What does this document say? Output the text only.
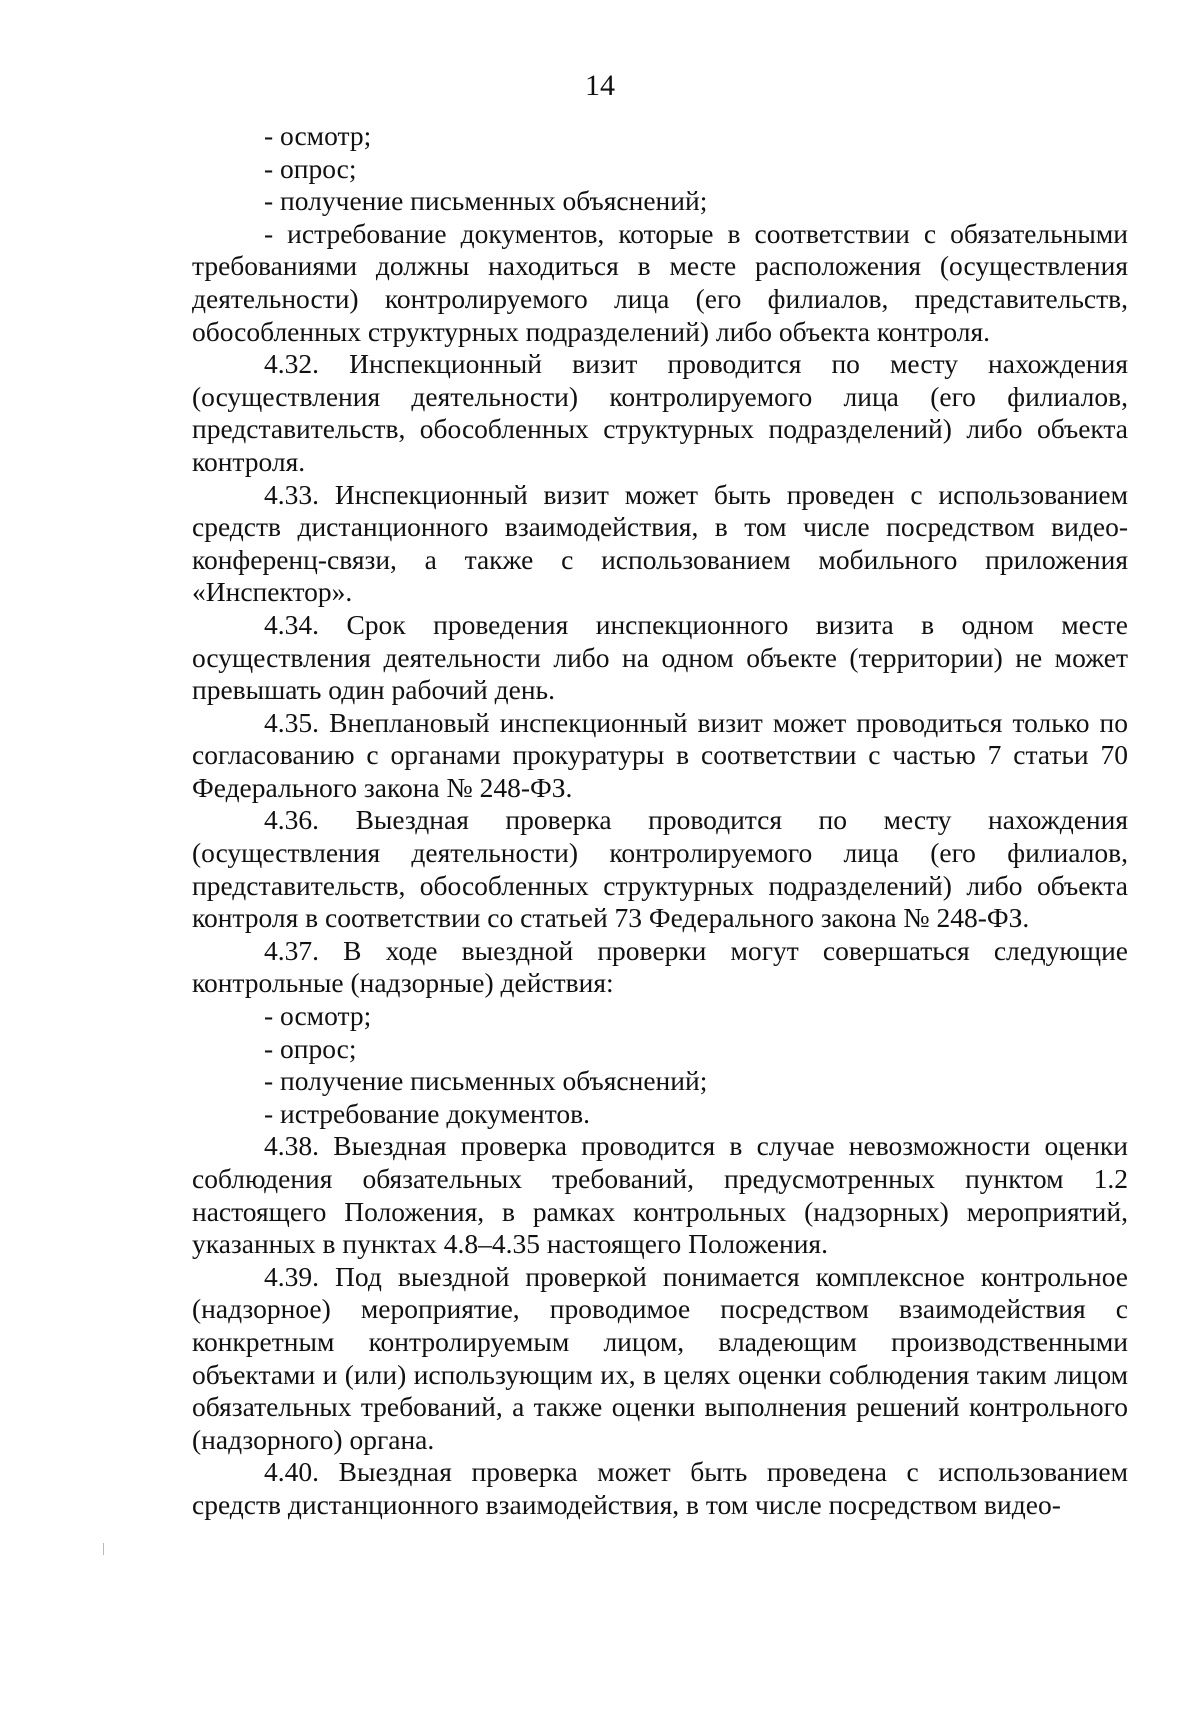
14

- осмотр;

- опрос;

- получение письменных объяснений;

- истребование документов, которые в соответствии с обязательными требованиями должны находиться в месте расположения (осуществления деятельности) контролируемого лица (его филиалов, представительств, обособленных структурных подразделений) либо объекта контроля.

4.32. Инспекционный визит проводится по месту нахождения (осуществления деятельности) контролируемого лица (его филиалов, представительств, обособленных структурных подразделений) либо объекта контроля.

4.33. Инспекционный визит может быть проведен с использованием средств дистанционного взаимодействия, в том числе посредством видео-конференц-связи, а также с использованием мобильного приложения «Инспектор».

4.34. Срок проведения инспекционного визита в одном месте осуществления деятельности либо на одном объекте (территории) не может превышать один рабочий день.

4.35. Внеплановый инспекционный визит может проводиться только по согласованию с органами прокуратуры в соответствии с частью 7 статьи 70 Федерального закона № 248-ФЗ.

4.36. Выездная проверка проводится по месту нахождения (осуществления деятельности) контролируемого лица (его филиалов, представительств, обособленных структурных подразделений) либо объекта контроля в соответствии со статьей 73 Федерального закона № 248-ФЗ.

4.37. В ходе выездной проверки могут совершаться следующие контрольные (надзорные) действия:

- осмотр;

- опрос;

- получение письменных объяснений;

- истребование документов.

4.38. Выездная проверка проводится в случае невозможности оценки соблюдения обязательных требований, предусмотренных пунктом 1.2 настоящего Положения, в рамках контрольных (надзорных) мероприятий, указанных в пунктах 4.8–4.35 настоящего Положения.

4.39. Под выездной проверкой понимается комплексное контрольное (надзорное) мероприятие, проводимое посредством взаимодействия с конкретным контролируемым лицом, владеющим производственными объектами и (или) использующим их, в целях оценки соблюдения таким лицом обязательных требований, а также оценки выполнения решений контрольного (надзорного) органа.

4.40. Выездная проверка может быть проведена с использованием средств дистанционного взаимодействия, в том числе посредством видео-
